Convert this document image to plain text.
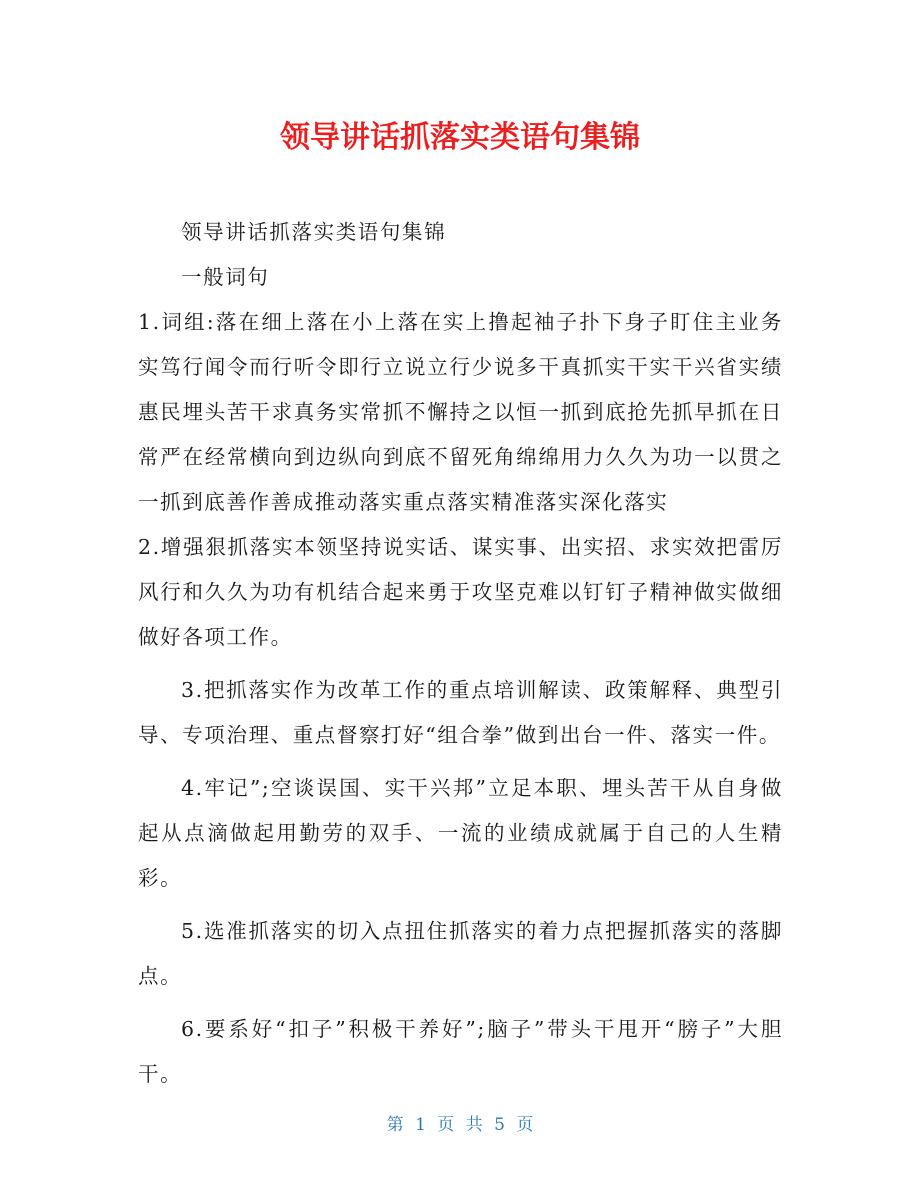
领导讲话抓落实类语句集锦

领导讲话抓落实类语句集锦

一般词句

1.词组:落在细上落在小上落在实上撸起袖子扑下身子盯住主业务实笃行闻令而行听令即行立说立行少说多干真抓实干实干兴省实绩惠民埋头苦干求真务实常抓不懈持之以恒一抓到底抢先抓早抓在日常严在经常横向到边纵向到底不留死角绵绵用力久久为功一以贯之一抓到底善作善成推动落实重点落实精准落实深化落实

2.增强狠抓落实本领坚持说实话、谋实事、出实招、求实效把雷厉风行和久久为功有机结合起来勇于攻坚克难以钉钉子精神做实做细做好各项工作。

3.把抓落实作为改革工作的重点培训解读、政策解释、典型引导、专项治理、重点督察打好“组合拳”做到出台一件、落实一件。

4.牢记”;空谈误国、实干兴邦”立足本职、埋头苦干从自身做起从点滴做起用勤劳的双手、一流的业绩成就属于自己的人生精彩。

5.选准抓落实的切入点扭住抓落实的着力点把握抓落实的落脚点。

6.要系好“扣子”积极干养好”;脑子”带头干甩开“膀子”大胆干。

第 1 页 共 5 页
